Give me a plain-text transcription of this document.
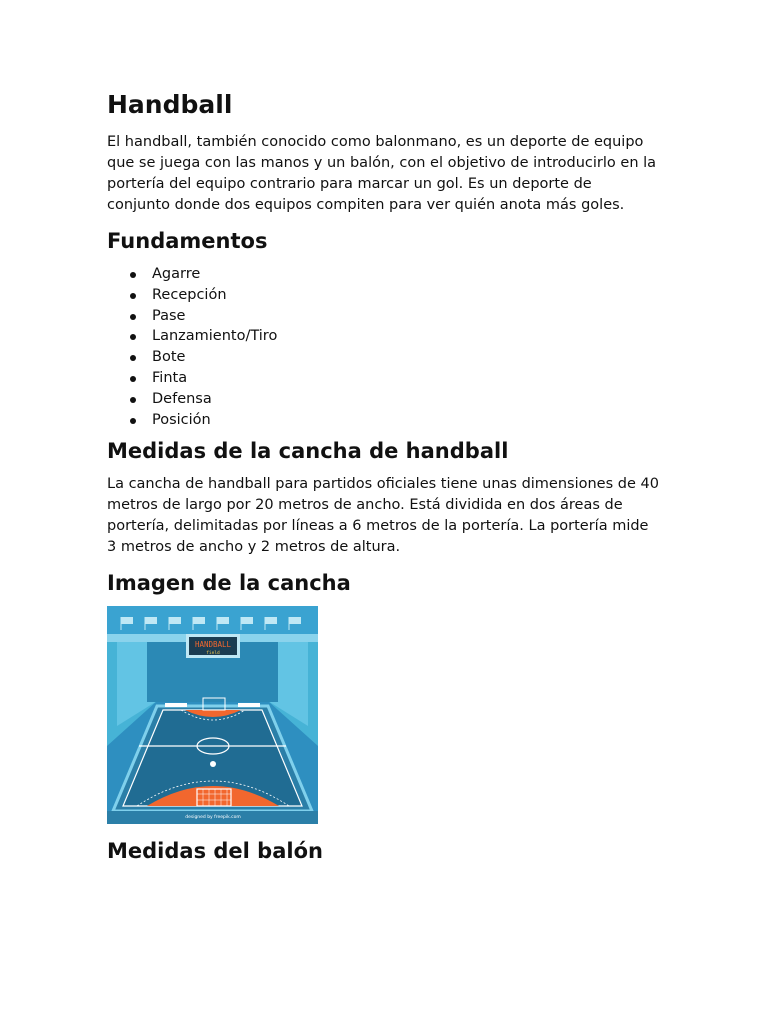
Handball

El handball, también conocido como balonmano, es un deporte de equipo que se juega con las manos y un balón, con el objetivo de introducirlo en la portería del equipo contrario para marcar un gol. Es un deporte de conjunto donde dos equipos compiten para ver quién anota más goles.

Fundamentos
Agarre
Recepción
Pase
Lanzamiento/Tiro
Bote
Finta
Defensa
Posición
Medidas de la cancha de handball

La cancha de handball para partidos oficiales tiene unas dimensiones de 40 metros de largo por 20 metros de ancho. Está dividida en dos áreas de portería, delimitadas por líneas a 6 metros de la portería. La portería mide 3 metros de ancho y 2 metros de altura.

Imagen de la cancha
HANDBALL
field
designed by freepik.com
Medidas del balón
